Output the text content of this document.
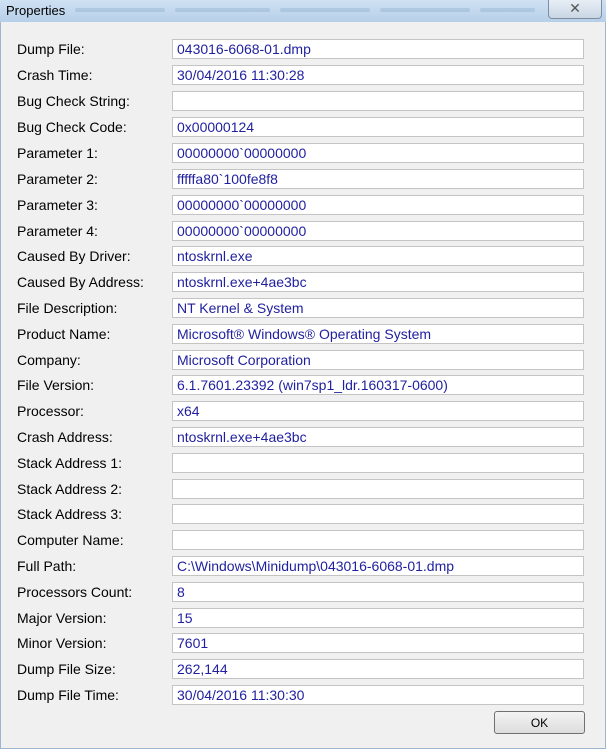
Properties	✕
Dump File:	043016-6068-01.dmp
Crash Time:	30/04/2016 11:30:28
Bug Check String:
Bug Check Code:	0x00000124
Parameter 1:	00000000`00000000
Parameter 2:	fffffa80`100fe8f8
Parameter 3:	00000000`00000000
Parameter 4:	00000000`00000000
Caused By Driver:	ntoskrnl.exe
Caused By Address:	ntoskrnl.exe+4ae3bc
File Description:	NT Kernel & System
Product Name:	Microsoft® Windows® Operating System
Company:	Microsoft Corporation
File Version:	6.1.7601.23392 (win7sp1_ldr.160317-0600)
Processor:	x64
Crash Address:	ntoskrnl.exe+4ae3bc
Stack Address 1:
Stack Address 2:
Stack Address 3:
Computer Name:
Full Path:	C:\Windows\Minidump\043016-6068-01.dmp
Processors Count:	8
Major Version:	15
Minor Version:	7601
Dump File Size:	262,144
Dump File Time:	30/04/2016 11:30:30
OK
